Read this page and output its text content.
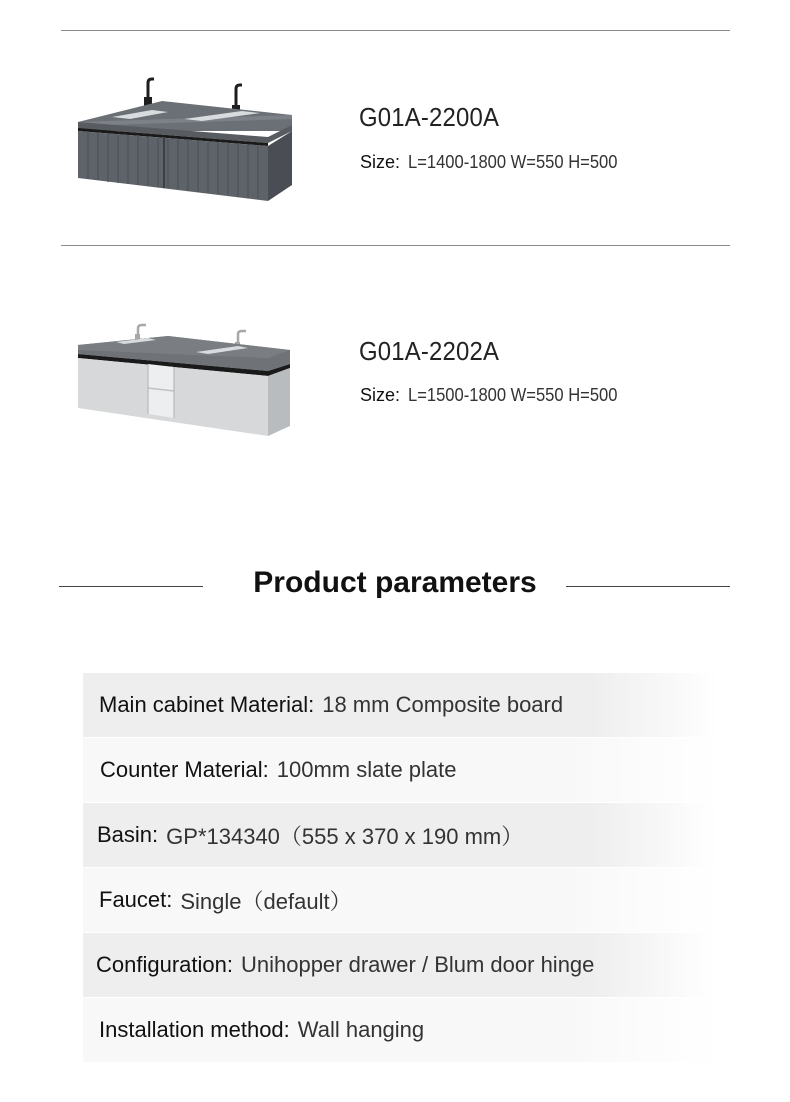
G01A-2200A
Size: L=1400-1800 W=550 H=500
G01A-2202A
Size: L=1500-1800 W=550 H=500
Product parameters
Main cabinet Material: 18 mm Composite board
Counter Material: 100mm slate plate
Basin: GP*134340（555 x 370 x 190 mm）
Faucet: Single（default）
Configuration: Unihopper drawer / Blum door hinge
Installation method: Wall hanging
